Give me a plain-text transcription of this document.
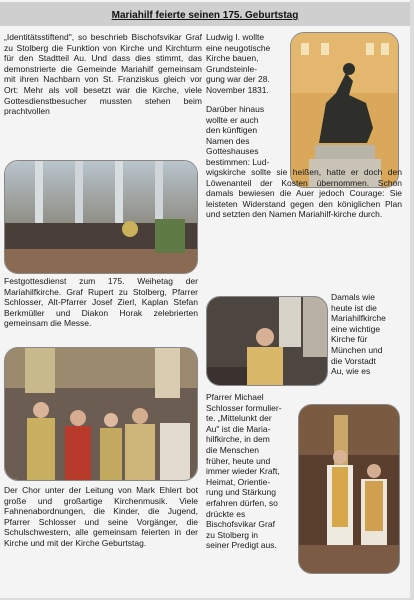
Mariahilf feierte seinen 175. Geburtstag

„Identitätsstiftend", so beschrieb Bischofsvikar Graf zu Stolberg die Funktion von Kirche und Kirchturm für den Stadtteil Au. Und dass dies stimmt, das demonstrierte die Gemeinde Mariahilf gemeinsam mit ihren Nachbarn von St. Franziskus gleich vor Ort: Mehr als voll besetzt war die Kirche, viele Gottesdienstbesucher mussten stehen beim prachtvollen

Festgottesdienst zum 175. Weihetag der Mariahilfkirche. Graf Rupert zu Stolberg, Pfarrer Schlosser, Alt-Pfarrer Josef Zierl, Kaplan Stefan Berkmüller und Diakon Horak zelebrierten gemeinsam die Messe.

Der Chor unter der Leitung von Mark Ehlert bot große und großartige Kirchenmusik. Viele Fahnenabordnungen, die Kinder, die Jugend, Pfarrer Schlosser und seine Vorgänger, die Schulschwestern, alle gemeinsam feierten in der Kirche und mit der Kirche Geburtstag.

Ludwig I. wollte
eine neugotische
Kirche bauen,
Grundsteinle-
gung war der 28.
November 1831.
Darüber hinaus
wollte er auch
den künftigen
Namen des
Gotteshauses
bestimmen: Lud-

wigskirche sollte sie heißen, hatte er doch den Löwenanteil der Kosten übernommen. Schon damals bewiesen die Auer jedoch Courage: Sie leisteten Widerstand gegen den königlichen Plan und setzten den Namen Mariahilf-kirche durch.

Damals wie
heute ist die
Mariahilfkirche
eine wichtige
Kirche für
München und
die Vorstadt
Au, wie es
Pfarrer Michael
Schlosser formulier-
te. „Mittelunkt der
Au" ist die Maria-
hilfkirche, in dem
die Menschen
früher, heute und
immer wieder Kraft,
Heimat, Orientie-
rung und Stärkung
erfahren dürfen, so
drückte es
Bischofsvikar Graf
zu Stolberg in
seiner Predigt aus.
